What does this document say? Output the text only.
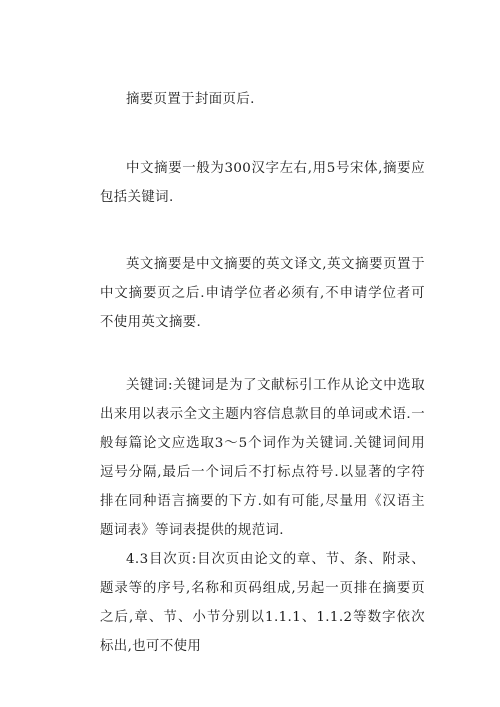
摘要页置于封面页后.

中文摘要一般为300汉字左右,用5号宋体,摘要应包括关键词.

英文摘要是中文摘要的英文译文,英文摘要页置于中文摘要页之后.申请学位者必须有,不申请学位者可不使用英文摘要.

关键词:关键词是为了文献标引工作从论文中选取出来用以表示全文主题内容信息款目的单词或术语.一般每篇论文应选取3～5个词作为关键词.关键词间用逗号分隔,最后一个词后不打标点符号.以显著的字符排在同种语言摘要的下方.如有可能,尽量用《汉语主题词表》等词表提供的规范词.

4.3目次页:目次页由论文的章、节、条、附录、题录等的序号,名称和页码组成,另起一页排在摘要页之后,章、节、小节分别以1.1.1、1.1.2等数字依次标出,也可不使用
